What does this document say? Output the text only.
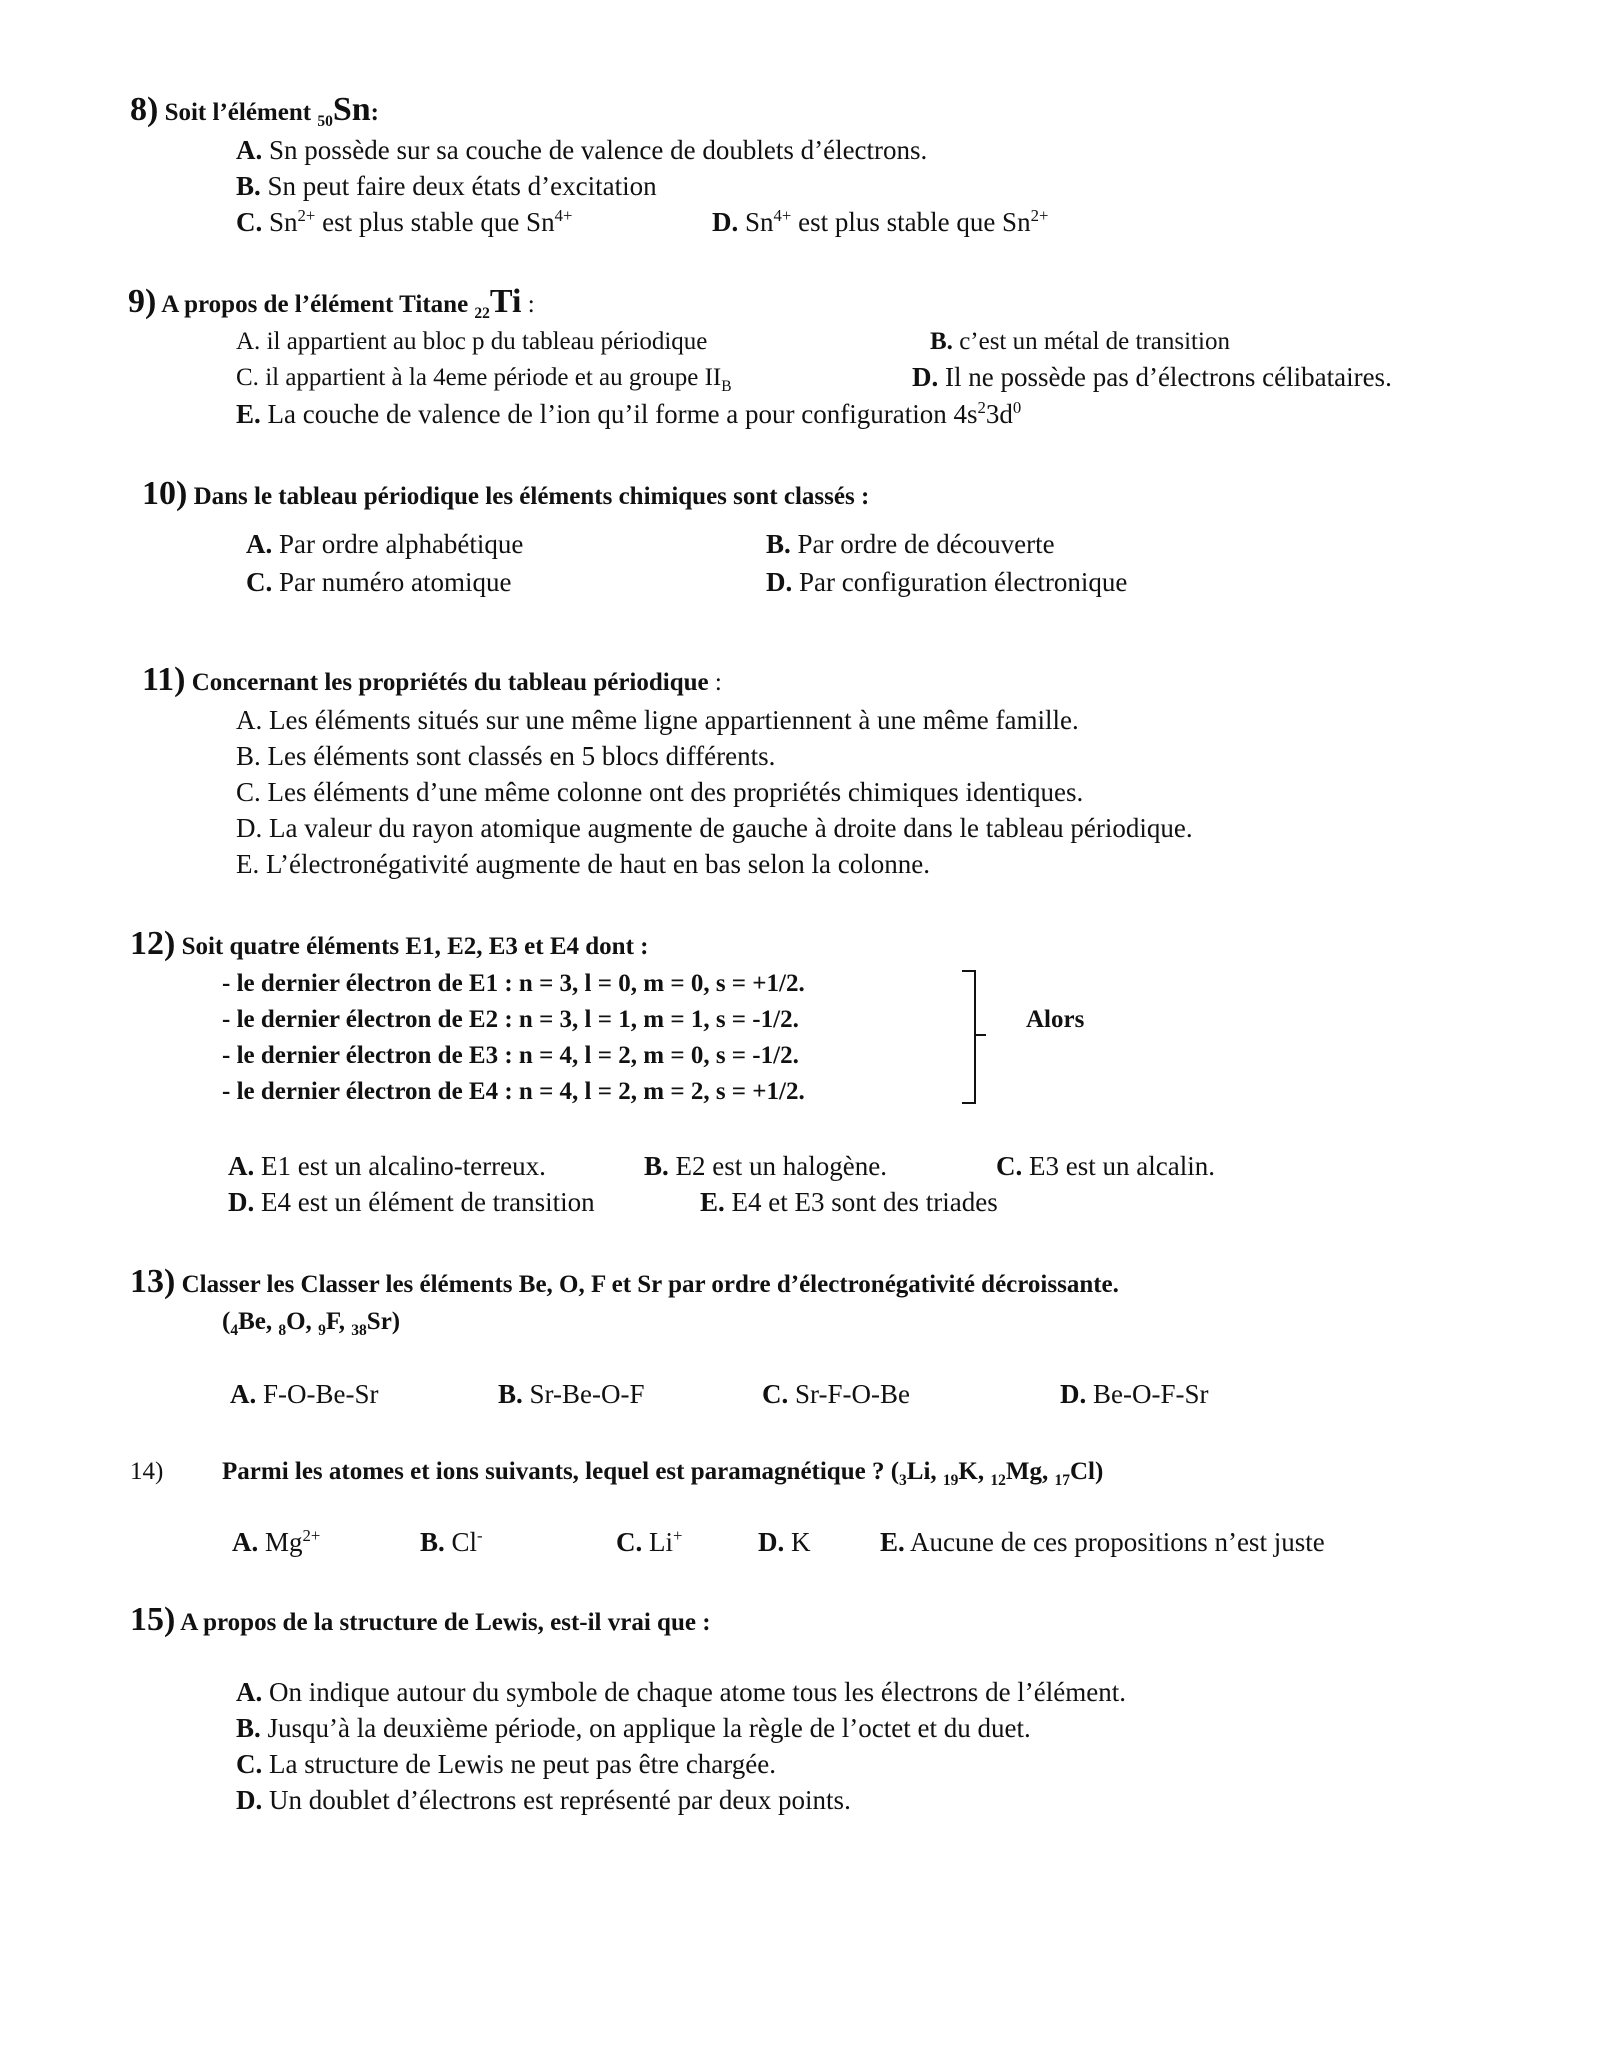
8) Soit l’élément $_{50}$Sn:
A. Sn possède sur sa couche de valence de doublets d’électrons.
B. Sn peut faire deux états d’excitation
C. $Sn^{2+}$ est plus stable que $Sn^{4+}$	D. $Sn^{4+}$ est plus stable que $Sn^{2+}$
9) A propos de l’élément Titane $_{22}$Ti :
A. il appartient au bloc p du tableau périodique	B. c’est un métal de transition
C. il appartient à la 4eme période et au groupe $II_B$	D. Il ne possède pas d’électrons célibataires.
E. La couche de valence de l’ion qu’il forme a pour configuration $4s^23d^0$
10) Dans le tableau périodique les éléments chimiques sont classés :
A. Par ordre alphabétique	B. Par ordre de découverte
C. Par numéro atomique	D. Par configuration électronique
11) Concernant les propriétés du tableau périodique :
A. Les éléments situés sur une même ligne appartiennent à une même famille.
B. Les éléments sont classés en 5 blocs différents.
C. Les éléments d’une même colonne ont des propriétés chimiques identiques.
D. La valeur du rayon atomique augmente de gauche à droite dans le tableau périodique.
E. L’électronégativité augmente de haut en bas selon la colonne.
12) Soit quatre éléments E1, E2, E3 et E4 dont :
- le dernier électron de E1 : n = 3, l = 0, m = 0, s = +1/2.
- le dernier électron de E2 : n = 3, l = 1, m = 1, s = -1/2.
- le dernier électron de E3 : n = 4, l = 2, m = 0, s = -1/2.
- le dernier électron de E4 : n = 4, l = 2, m = 2, s = +1/2.
Alors
A. E1 est un alcalino-terreux.	B. E2 est un halogène.	C. E3 est un alcalin.
D. E4 est un élément de transition	E. E4 et E3 sont des triades
13) Classer les Classer les éléments Be, O, F et Sr par ordre d’électronégativité décroissante.
($_4Be$, $_8$O, $_9$F, $_{38}$Sr)
A. F-O-Be-Sr	B. Sr-Be-O-F	C. Sr-F-O-Be	D. Be-O-F-Sr
14) Parmi les atomes et ions suivants, lequel est paramagnétique ? ($_3Li$, $_{19}$K, $_{12}$Mg, $_{17}$Cl)
A. $Mg^{2+}$	B. Cl-	C. Li+	D. K	E. Aucune de ces propositions n’est juste
15) A propos de la structure de Lewis, est-il vrai que :
A. On indique autour du symbole de chaque atome tous les électrons de l’élément.
B. Jusqu’à la deuxième période, on applique la règle de l’octet et du duet.
C. La structure de Lewis ne peut pas être chargée.
D. Un doublet d’électrons est représenté par deux points.
